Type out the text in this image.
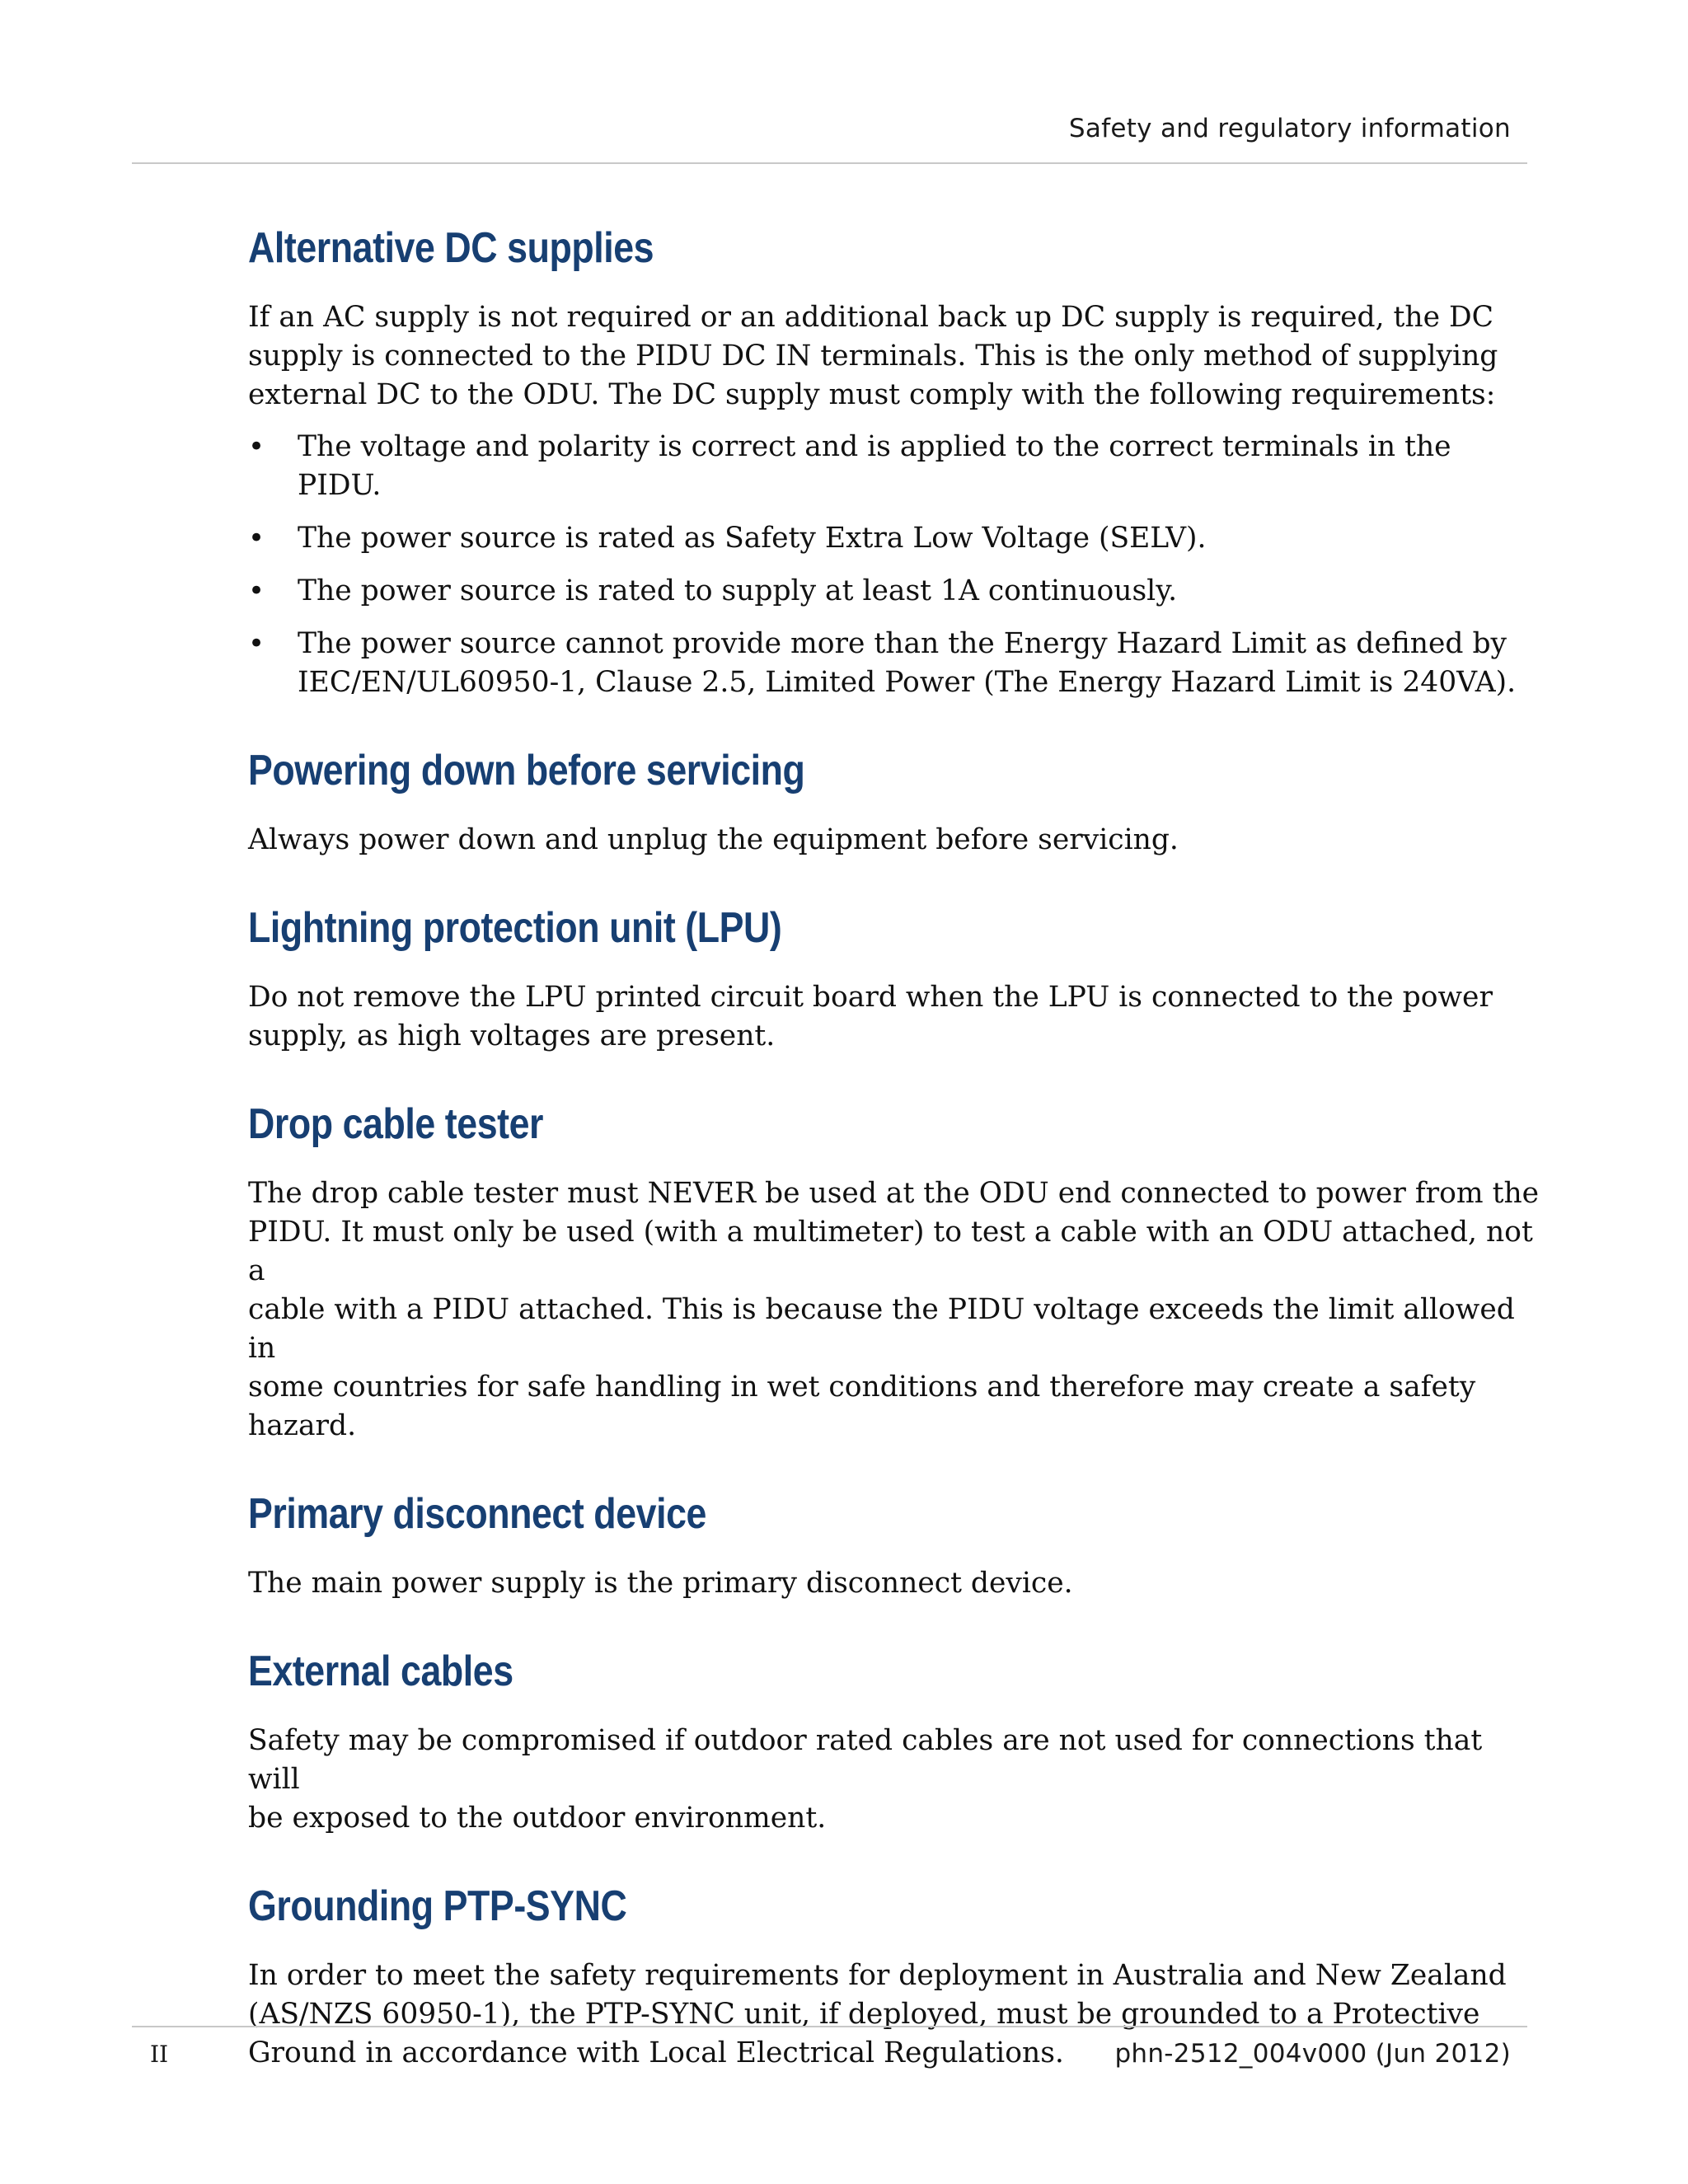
Safety and regulatory information
Alternative DC supplies

If an AC supply is not required or an additional back up DC supply is required, the DC
supply is connected to the PIDU DC IN terminals. This is the only method of supplying
external DC to the ODU. The DC supply must comply with the following requirements:

• The voltage and polarity is correct and is applied to the correct terminals in the PIDU.
• The power source is rated as Safety Extra Low Voltage (SELV).
• The power source is rated to supply at least 1A continuously.
• The power source cannot provide more than the Energy Hazard Limit as defined by
IEC/EN/UL60950-1, Clause 2.5, Limited Power (The Energy Hazard Limit is 240VA).
Powering down before servicing

Always power down and unplug the equipment before servicing.

Lightning protection unit (LPU)

Do not remove the LPU printed circuit board when the LPU is connected to the power
supply, as high voltages are present.

Drop cable tester

The drop cable tester must NEVER be used at the ODU end connected to power from the
PIDU. It must only be used (with a multimeter) to test a cable with an ODU attached, not a
cable with a PIDU attached. This is because the PIDU voltage exceeds the limit allowed in
some countries for safe handling in wet conditions and therefore may create a safety
hazard.

Primary disconnect device

The main power supply is the primary disconnect device.

External cables

Safety may be compromised if outdoor rated cables are not used for connections that will
be exposed to the outdoor environment.

Grounding PTP-SYNC

In order to meet the safety requirements for deployment in Australia and New Zealand
(AS/NZS 60950-1), the PTP-SYNC unit, if deployed, must be grounded to a Protective
Ground in accordance with Local Electrical Regulations.

II	phn-2512_004v000 (Jun 2012)
